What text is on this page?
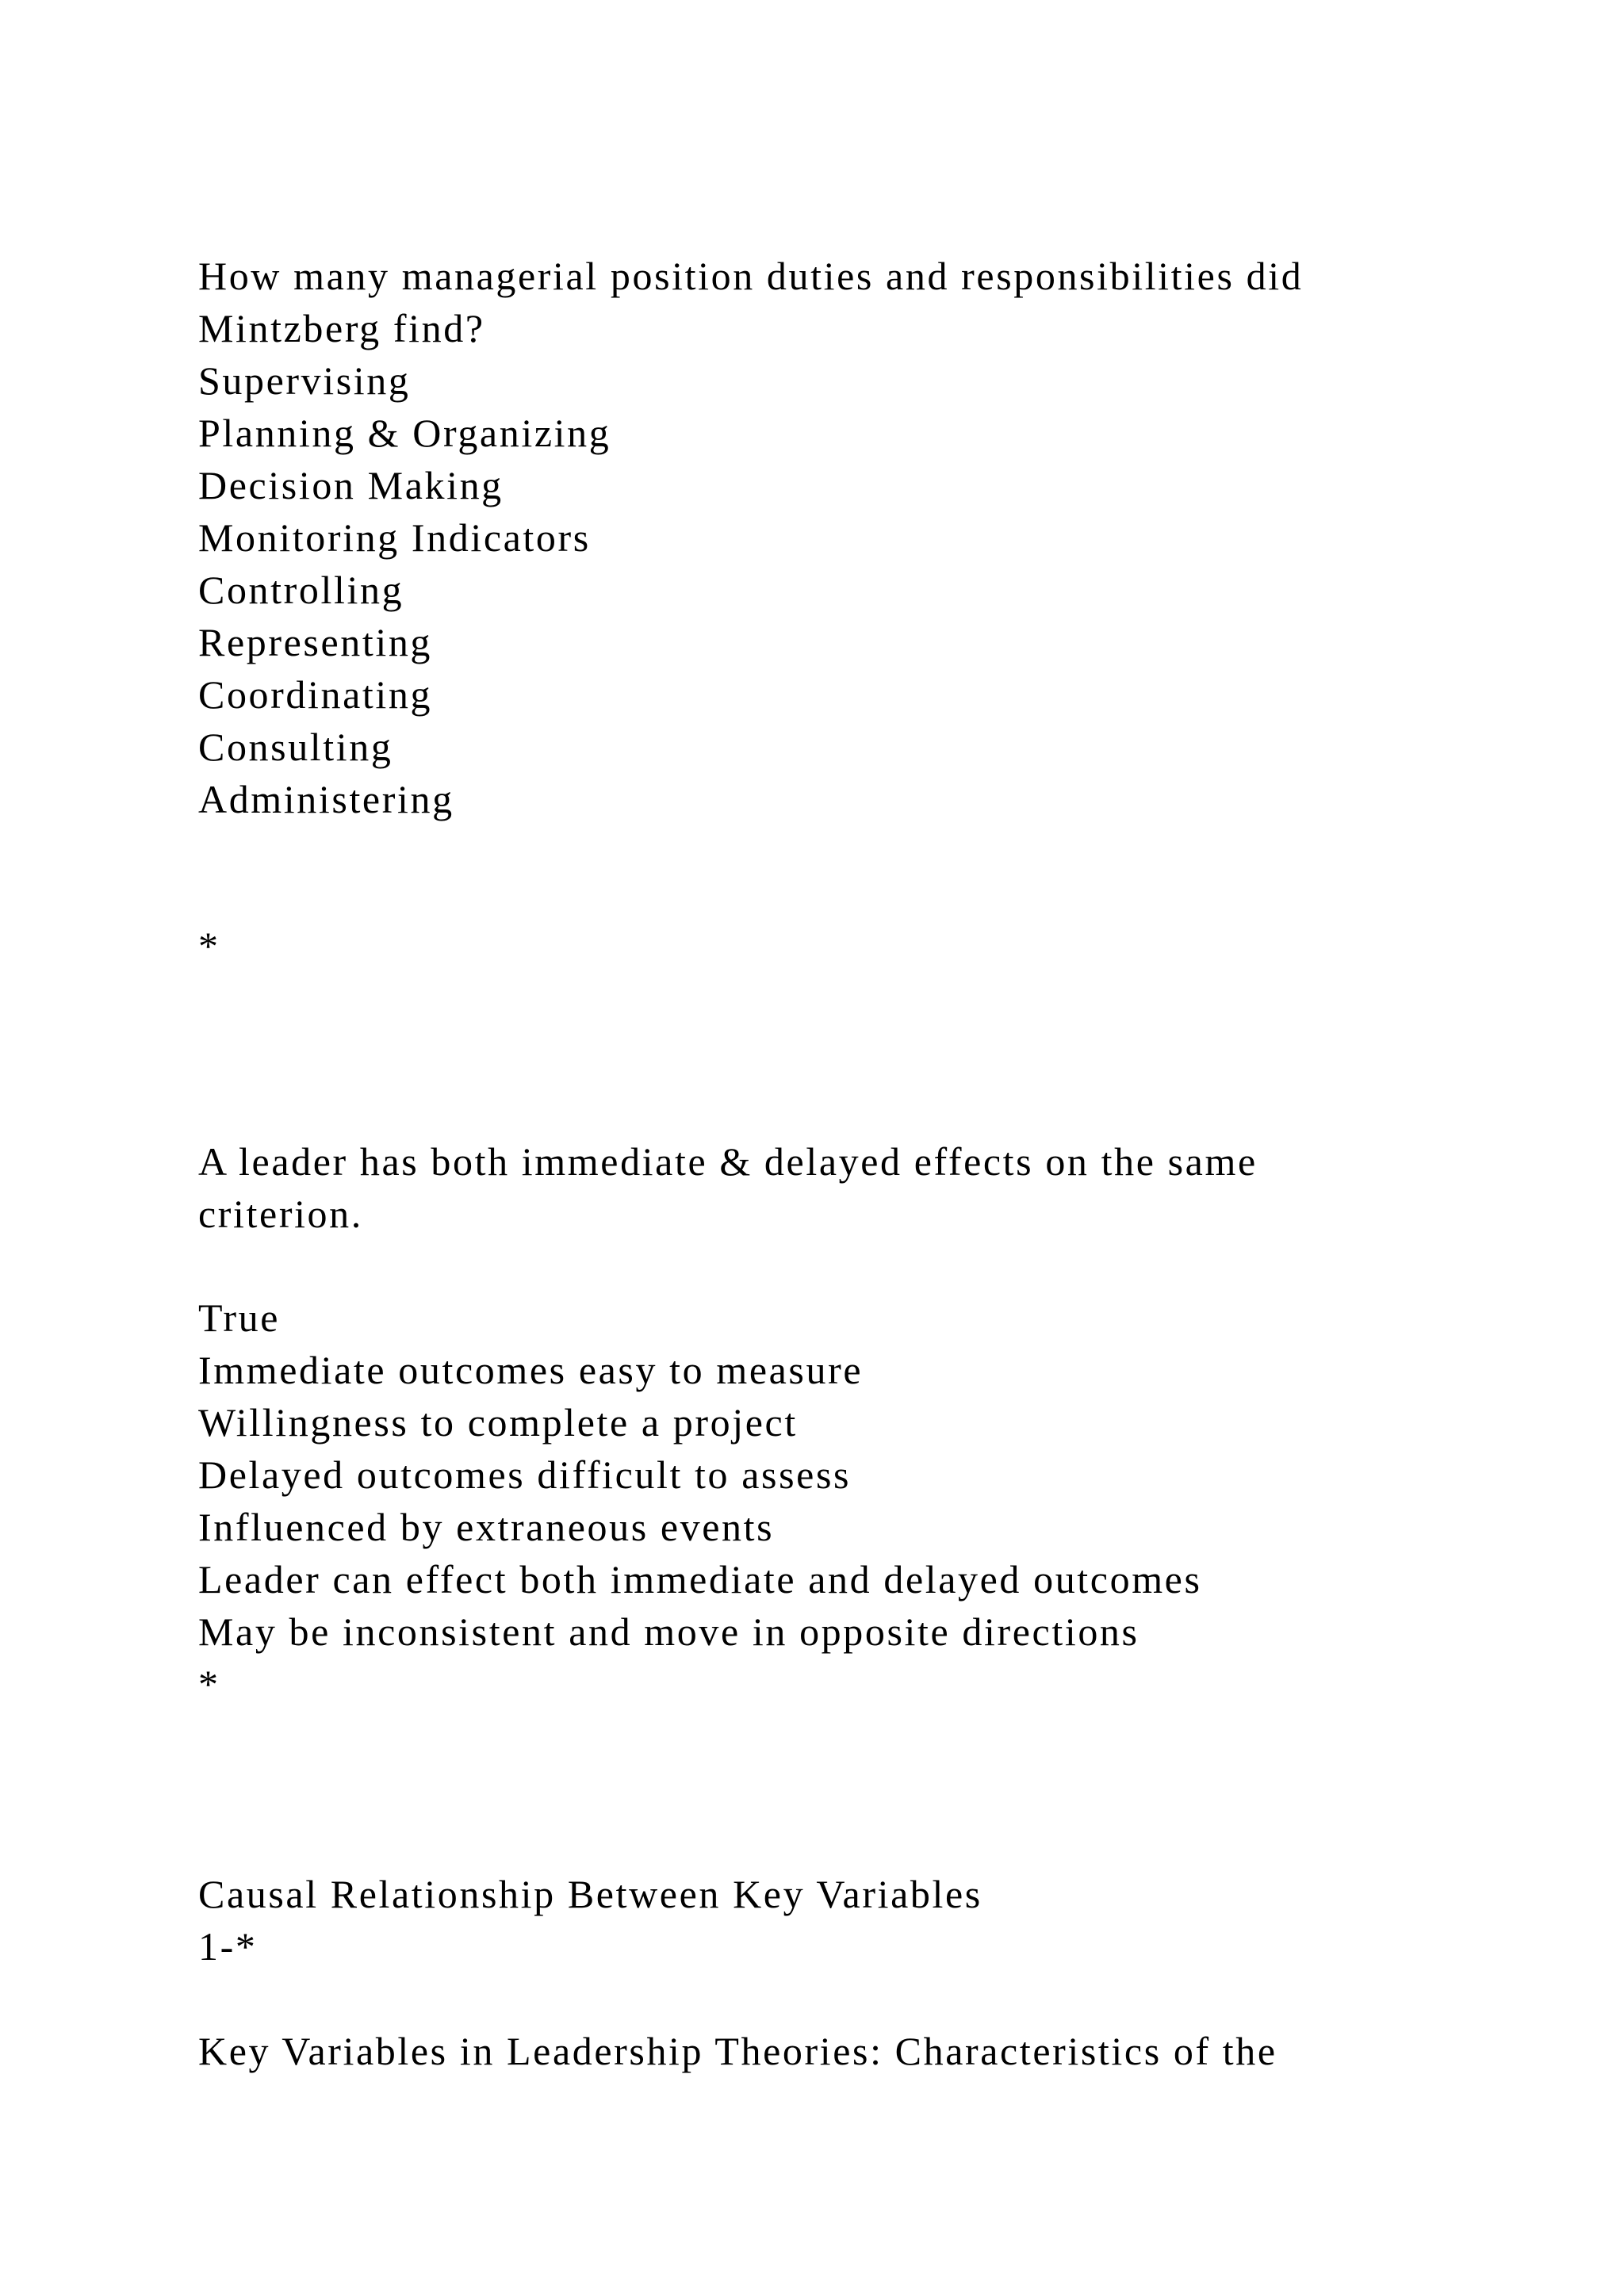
How many managerial position duties and responsibilities did

Mintzberg find?

Supervising

Planning & Organizing

Decision Making

Monitoring Indicators

Controlling

Representing

Coordinating

Consulting

Administering

*

A leader has both immediate & delayed effects on the same

criterion.

True

Immediate outcomes easy to measure

Willingness to complete a project

Delayed outcomes difficult to assess

Influenced by extraneous events

Leader can effect both immediate and delayed outcomes

May be inconsistent and move in opposite directions

*

Causal Relationship Between Key Variables

1-*

Key Variables in Leadership Theories: Characteristics of the
